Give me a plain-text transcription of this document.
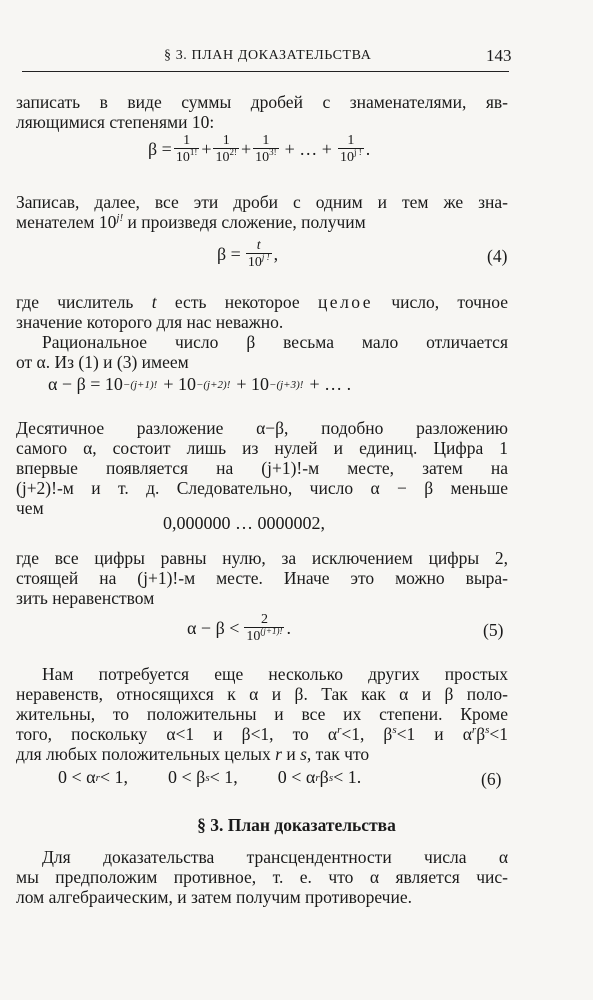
§ 3. ПЛАН ДОКАЗАТЕЛЬСТВА	143
записать в виде суммы дробей с знаменателями, яв-
ляющимися степенями 10:
$\beta = \frac{1}{10^{1!}} + \frac{1}{10^{2!}} + \frac{1}{10^{3!}}$ + … + $\frac{1}{10^{j !}}$ .
Записав, далее, все эти дроби с одним и тем же зна-
менателем $10^{j!}$ и произведя сложение, получим
$\beta = \frac{t}{10^{j !}}$ ,	(4)
где числитель t есть некоторое целое число, точное
значение которого для нас неважно.
Рациональное число β весьма мало отличается
от α. Из (1) и (3) имеем
α − β = 10 −(j+1)! + 10 −(j+2)! + 10 −(j+3)! + … .
Десятичное разложение α−β, подобно разложению
самого α, состоит лишь из нулей и единиц. Цифра 1
впервые появляется на (j+1)!-м месте, затем на
(j+2)!-м и т. д. Следовательно, число α − β меньше
чем
0,000000 … 0000002,
где все цифры равны нулю, за исключением цифры 2,
стоящей на (j+1)!-м месте. Иначе это можно выра-
зить неравенством
$\alpha - \beta < \frac{2}{10^{(j+1)!}}$ .	(5)
Нам потребуется еще несколько других простых
неравенств, относящихся к α и β. Так как α и β поло-
жительны, то положительны и все их степени. Кроме
того, поскольку α<1 и β<1, то $\alpha^r<1$, $\beta^s<1$ и $\alpha^r\beta^s<1$
для любых положительных целых r и s, так что
0 < α r < 1, 0 < β s < 1, 0 < α r β s < 1.	(6)
§ 3. План доказательства
Для доказательства трансцендентности числа α
мы предположим противное, т. е. что α является чис-
лом алгебраическим, и затем получим противоречие.
